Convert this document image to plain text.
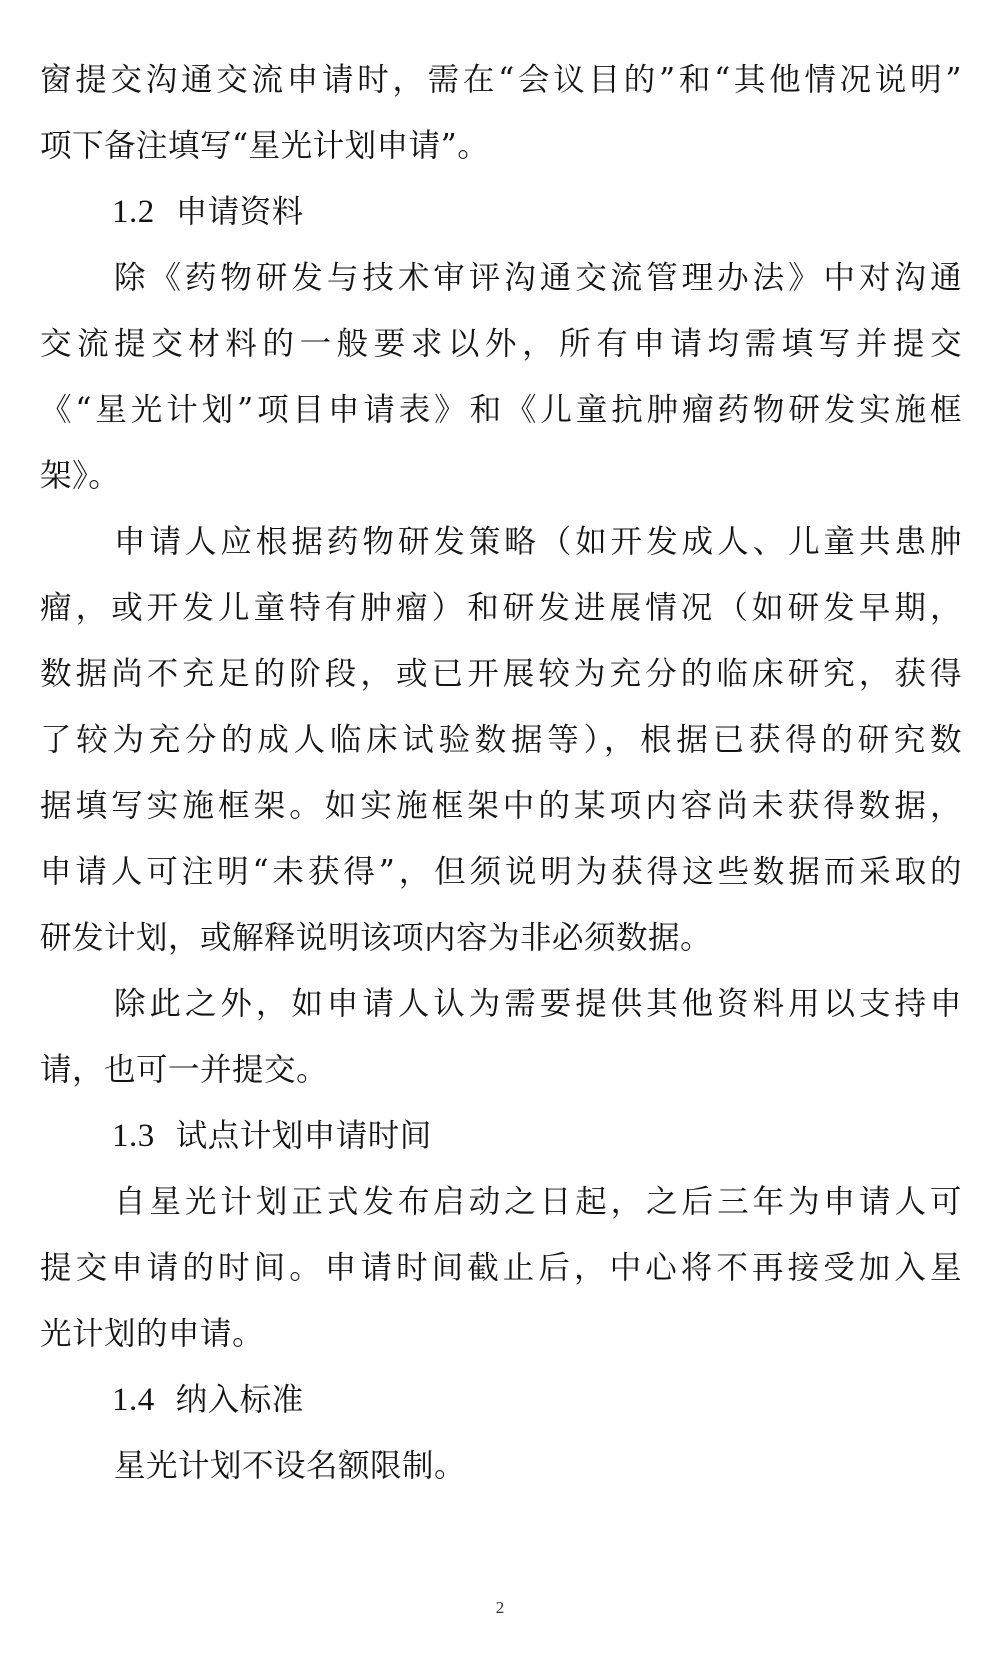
窗提交沟通交流申请时，需在“会议目的”和“其他情况说明”
项下备注填写“星光计划申请”。
1.2 申请资料
除《药物研发与技术审评沟通交流管理办法》中对沟通
交流提交材料的一般要求以外，所有申请均需填写并提交
《“星光计划”项目申请表》和《儿童抗肿瘤药物研发实施框
架》。
申请人应根据药物研发策略（如开发成人、儿童共患肿
瘤，或开发儿童特有肿瘤）和研发进展情况（如研发早期，
数据尚不充足的阶段，或已开展较为充分的临床研究，获得
了较为充分的成人临床试验数据等），根据已获得的研究数
据填写实施框架。如实施框架中的某项内容尚未获得数据，
申请人可注明“未获得”，但须说明为获得这些数据而采取的
研发计划，或解释说明该项内容为非必须数据。
除此之外，如申请人认为需要提供其他资料用以支持申
请，也可一并提交。
1.3 试点计划申请时间
自星光计划正式发布启动之日起，之后三年为申请人可
提交申请的时间。申请时间截止后，中心将不再接受加入星
光计划的申请。
1.4 纳入标准
星光计划不设名额限制。
2
